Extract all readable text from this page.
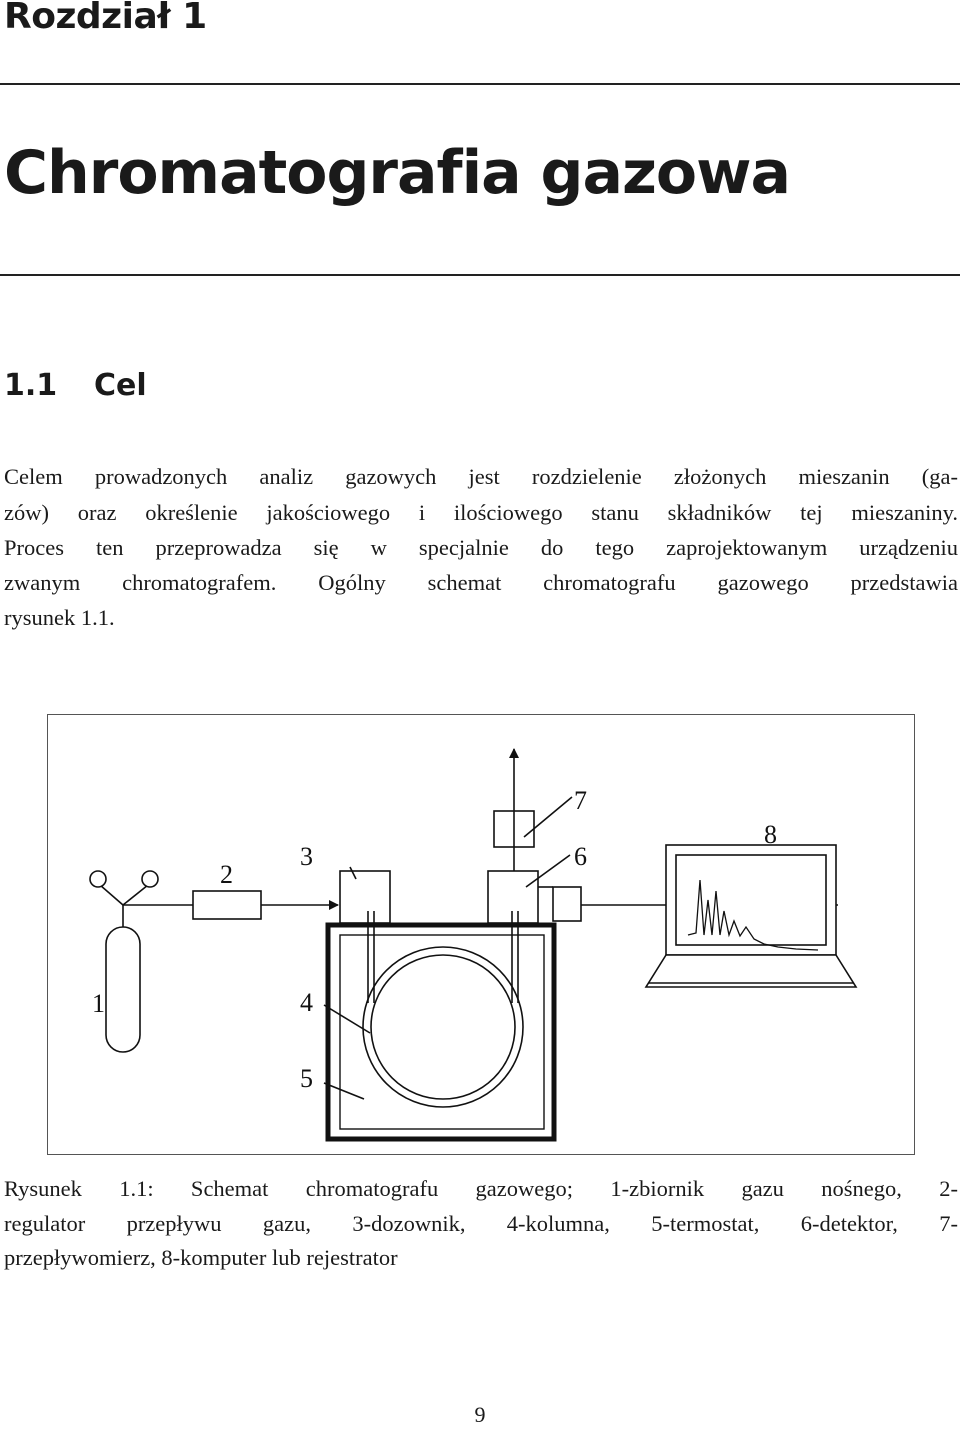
Rozdział 1
Chromatografia gazowa
1.1 Cel
Celem prowadzonych analiz gazowych jest rozdzielenie złożonych mieszanin (ga-
zów) oraz określenie jakościowego i ilościowego stanu składników tej mieszaniny.
Proces ten przeprowadza się w specjalnie do tego zaprojektowanym urządzeniu
zwanym chromatografem. Ogólny schemat chromatografu gazowego przedstawia
rysunek 1.1.
1
2
3
4
5
6
7
8
Rysunek 1.1: Schemat chromatografu gazowego; 1-zbiornik gazu nośnego, 2-
regulator przepływu gazu, 3-dozownik, 4-kolumna, 5-termostat, 6-detektor, 7-
przepływomierz, 8-komputer lub rejestrator
9
